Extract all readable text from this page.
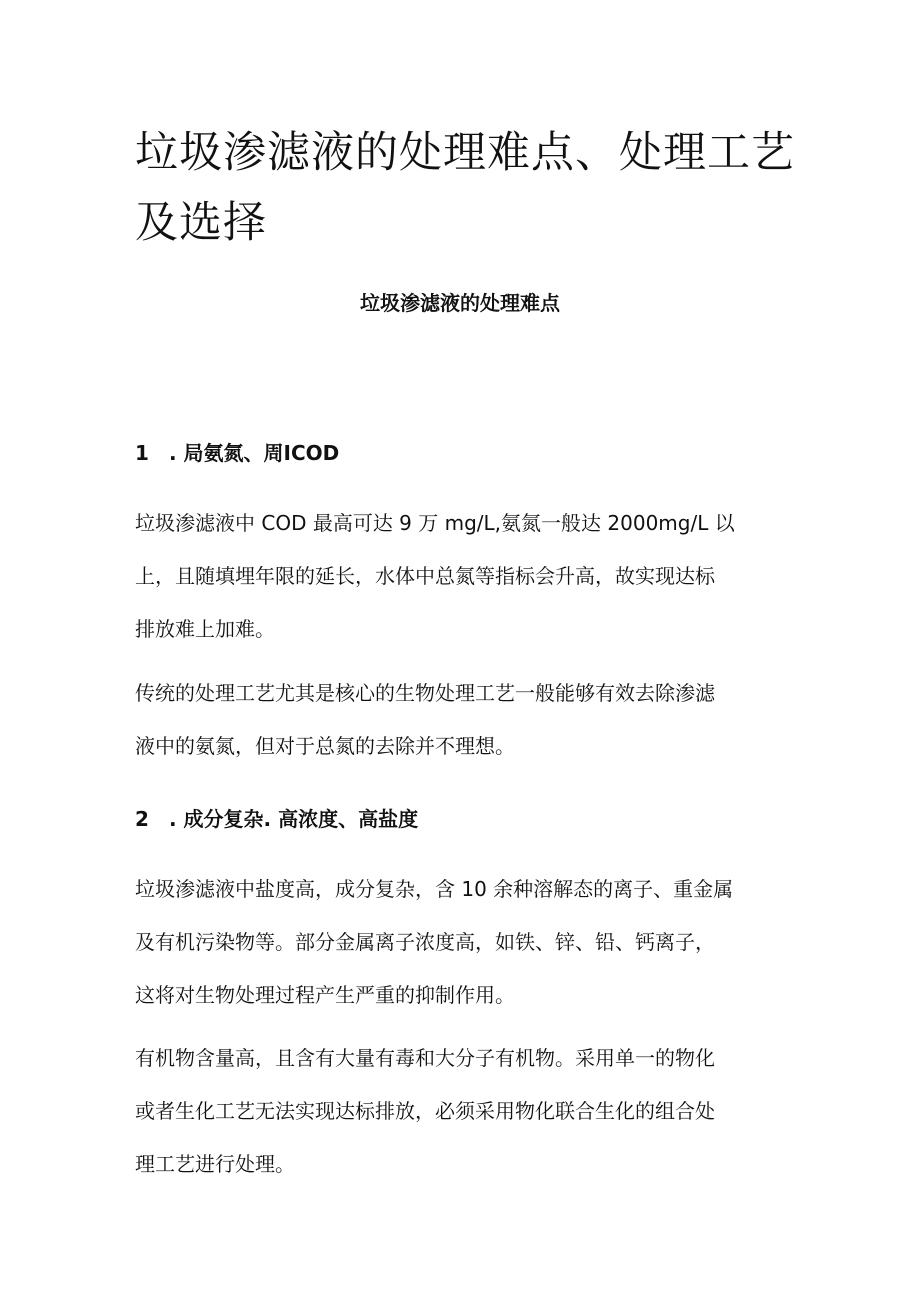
垃圾渗滤液的处理难点、处理工艺
及选择
垃圾渗滤液的处理难点
1 . 局氨氮、周ICOD

垃圾渗滤液中 COD 最高可达 9 万 mg/L,氨氮一般达 2000mg/L 以
上，且随填埋年限的延长，水体中总氮等指标会升高，故实现达标
排放难上加难。

传统的处理工艺尤其是核心的生物处理工艺一般能够有效去除渗滤
液中的氨氮，但对于总氮的去除并不理想。

2 . 成分复杂. 高浓度、高盐度

垃圾渗滤液中盐度高，成分复杂，含 10 余种溶解态的离子、重金属
及有机污染物等。部分金属离子浓度高，如铁、锌、铅、钙离子，
这将对生物处理过程产生严重的抑制作用。

有机物含量高，且含有大量有毒和大分子有机物。采用单一的物化
或者生化工艺无法实现达标排放，必须采用物化联合生化的组合处
理工艺进行处理。
